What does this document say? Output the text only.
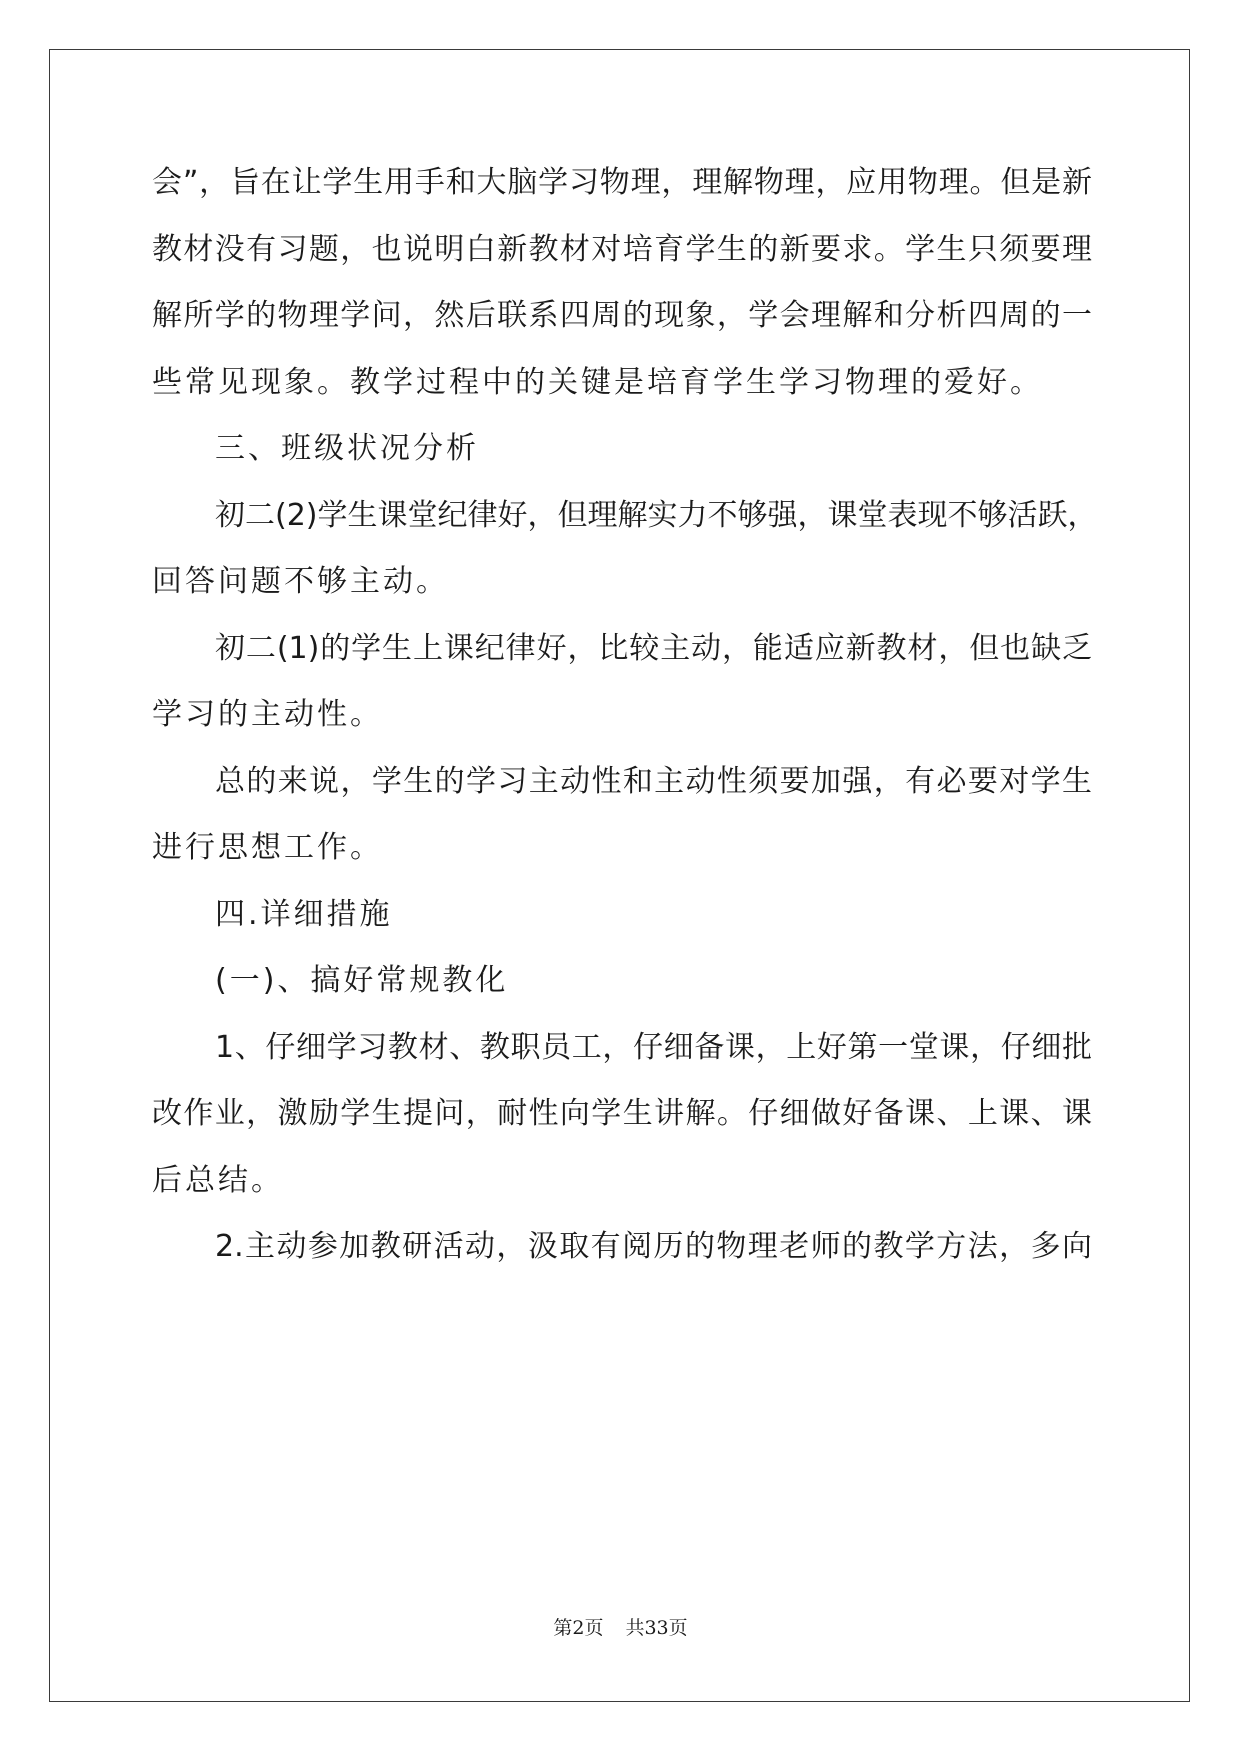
会”，旨在让学生用手和大脑学习物理，理解物理，应用物理。但是新
教材没有习题，也说明白新教材对培育学生的新要求。学生只须要理
解所学的物理学问，然后联系四周的现象，学会理解和分析四周的一
些常见现象。教学过程中的关键是培育学生学习物理的爱好。
三、班级状况分析
初二(2)学生课堂纪律好，但理解实力不够强，课堂表现不够活跃，
回答问题不够主动。
初二(1)的学生上课纪律好，比较主动，能适应新教材，但也缺乏
学习的主动性。
总的来说，学生的学习主动性和主动性须要加强，有必要对学生
进行思想工作。
四.详细措施
(一)、搞好常规教化
1、仔细学习教材、教职员工，仔细备课，上好第一堂课，仔细批
改作业，激励学生提问，耐性向学生讲解。仔细做好备课、上课、课
后总结。
2.主动参加教研活动，汲取有阅历的物理老师的教学方法，多向
第2页 共33页
